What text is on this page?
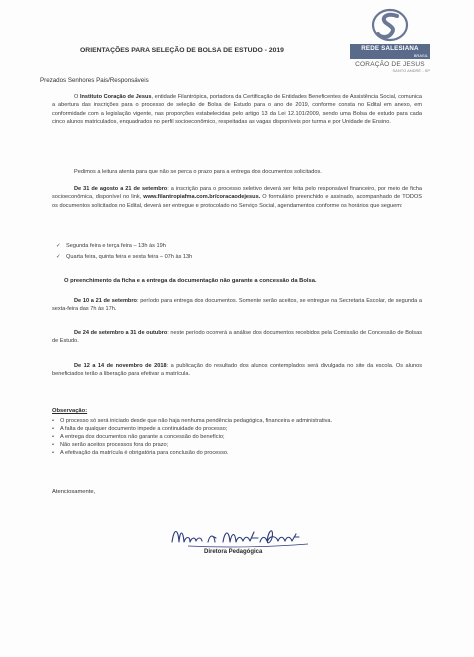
REDE SALESIANA
BRASIL
CORAÇÃO DE JESUS
SANTO ANDRÉ - SP
ORIENTAÇÕES PARA SELEÇÃO DE BOLSA DE ESTUDO - 2019
Prezados Senhores Pais/Responsáveis
O Instituto Coração de Jesus, entidade Filantrópica, portadora da Certificação de Entidades Beneficentes de Assistência Social, comunica a abertura das inscrições para o processo de seleção de Bolsa de Estudo para o ano de 2019, conforme consta no Edital em anexo, em conformidade com a legislação vigente, nas proporções estabelecidas pelo artigo 13 da Lei 12.101/2009, sendo uma Bolsa de estudo para cada cinco alunos matriculados, enquadrados no perfil socioeconômico, respeitadas as vagas disponíveis por turma e por Unidade de Ensino.
Pedimos a leitura atenta para que não se perca o prazo para a entrega dos documentos solicitados.
De 31 de agosto a 21 de setembro: a inscrição para o processo seletivo deverá ser feita pelo responsável financeiro, por meio de ficha socioeconômica, disponível no link, www.filantropiafma.com.br/coracaodejesus. O formulário preenchido e assinado, acompanhado de TODOS os documentos solicitados no Edital, deverá ser entregue e protocolado no Serviço Social, agendamentos conforme os horários que seguem:
✓ Segunda feira e terça feira – 13h às 19h
✓ Quarta feira, quinta feira e sexta feira – 07h às 13h
O preenchimento da ficha e a entrega da documentação não garante a concessão da Bolsa.
De 10 a 21 de setembro: período para entrega dos documentos. Somente serão aceitos, se entregue na Secretaria Escolar, de segunda a sexta-feira das 7h às 17h.
De 24 de setembro a 31 de outubro: neste período ocorrerá a análise dos documentos recebidos pela Comissão de Concessão de Bolsas de Estudo.
De 12 a 14 de novembro de 2018: a publicação do resultado dos alunos contemplados será divulgada no site da escola. Os alunos beneficiados terão a liberação para efetivar a matrícula.
Observação:
• O processo só será iniciado desde que não haja nenhuma pendência pedagógica, financeira e administrativa.
• A falta de qualquer documento impede a continuidade do processo;
• A entrega dos documentos não garante a concessão do benefício;
• Não serão aceitos processos fora do prazo;
• A efetivação da matrícula é obrigatória para conclusão do processo.
Atenciosamente,
Diretora Pedagógica
